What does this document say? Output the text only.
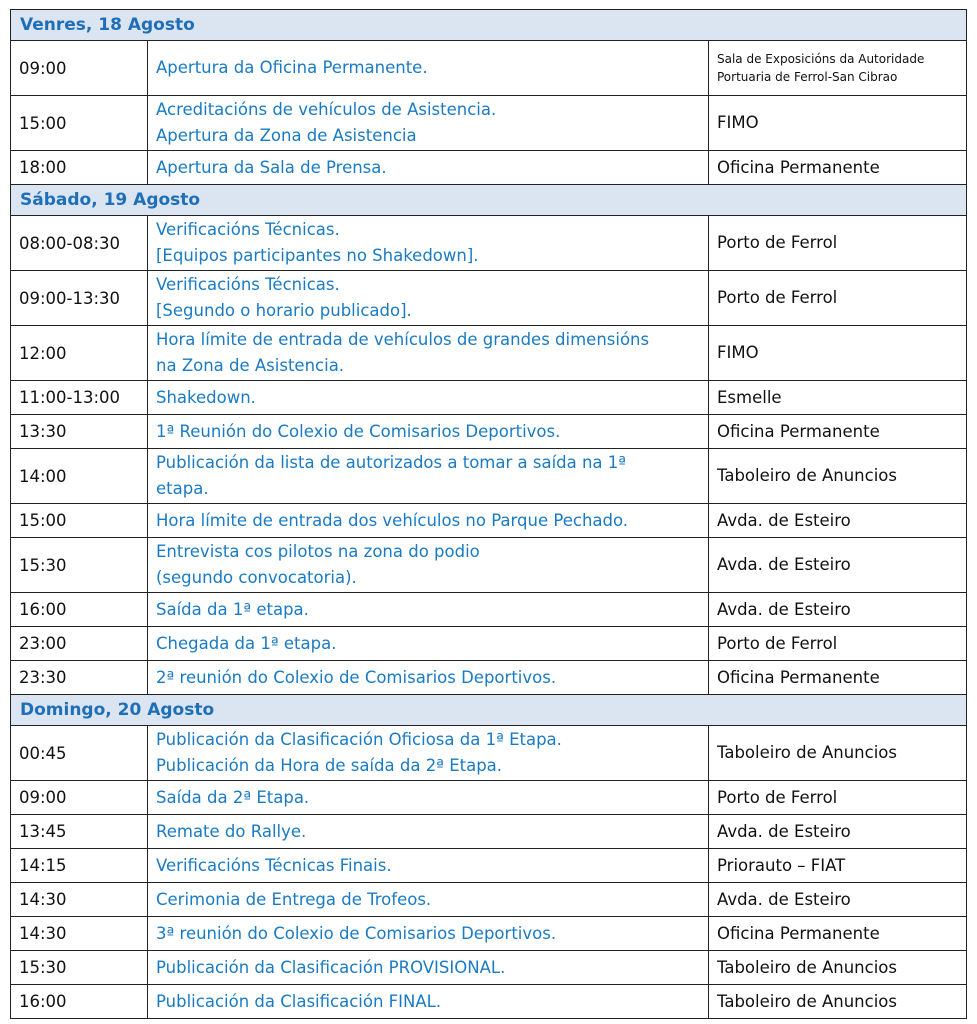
Venres, 18 Agosto		
09:00	Apertura da Oficina Permanente.	Sala de Exposicións da Autoridade
Portuaria de Ferrol-San Cibrao

15:00	Acreditacións de vehículos de Asistencia.
Apertura da Zona de Asistencia	FIMO

18:00	Apertura da Sala de Prensa.	Oficina Permanente

Sábado, 19 Agosto		
08:00-08:30	Verificacións Técnicas.
[Equipos participantes no Shakedown].	Porto de Ferrol

09:00-13:30	Verificacións Técnicas.
[Segundo o horario publicado].	Porto de Ferrol

12:00	Hora límite de entrada de vehículos de grandes dimensións
na Zona de Asistencia.	FIMO

11:00-13:00	Shakedown.	Esmelle

13:30	1ª Reunión do Colexio de Comisarios Deportivos.	Oficina Permanente

14:00	Publicación da lista de autorizados a tomar a saída na 1ª
etapa.	Taboleiro de Anuncios

15:00	Hora límite de entrada dos vehículos no Parque Pechado.	Avda. de Esteiro

15:30	Entrevista cos pilotos na zona do podio
(segundo convocatoria).	Avda. de Esteiro

16:00	Saída da 1ª etapa.	Avda. de Esteiro

23:00	Chegada da 1ª etapa.	Porto de Ferrol

23:30	2ª reunión do Colexio de Comisarios Deportivos.	Oficina Permanente

Domingo, 20 Agosto		
00:45	Publicación da Clasificación Oficiosa da 1ª Etapa.
Publicación da Hora de saída da 2ª Etapa.	Taboleiro de Anuncios

09:00	Saída da 2ª Etapa.	Porto de Ferrol

13:45	Remate do Rallye.	Avda. de Esteiro

14:15	Verificacións Técnicas Finais.	Priorauto – FIAT

14:30	Cerimonia de Entrega de Trofeos.	Avda. de Esteiro

14:30	3ª reunión do Colexio de Comisarios Deportivos.	Oficina Permanente

15:30	Publicación da Clasificación PROVISIONAL.	Taboleiro de Anuncios

16:00	Publicación da Clasificación FINAL.	Taboleiro de Anuncios
